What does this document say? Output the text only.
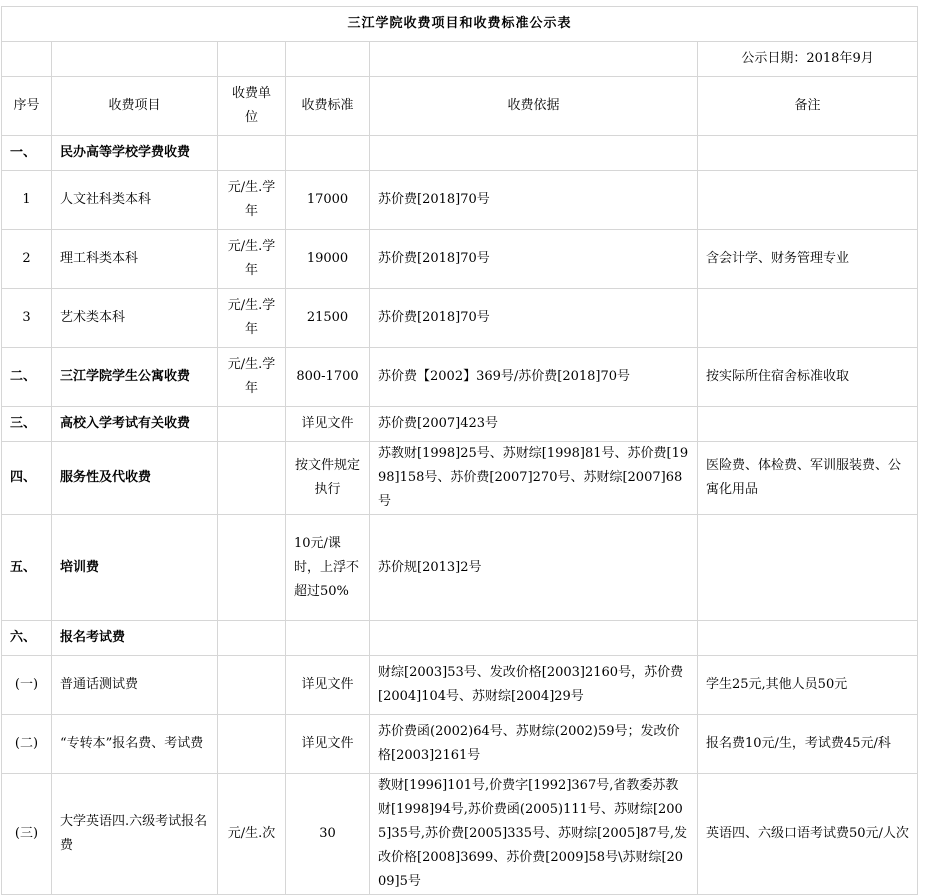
三江学院收费项目和收费标准公示表					
					公示日期：2018年9月
序号	收费项目	收费单位	收费标准	收费依据	备注
一、	民办高等学校学费收费				
1	人文社科类本科	元/生.学年	17000	苏价费[2018]70号	
2	理工科类本科	元/生.学年	19000	苏价费[2018]70号	含会计学、财务管理专业
3	艺术类本科	元/生.学年	21500	苏价费[2018]70号	
二、	三江学院学生公寓收费	元/生.学年	800-1700	苏价费【2002】369号/苏价费[2018]70号	按实际所住宿舍标准收取
三、	高校入学考试有关收费		详见文件	苏价费[2007]423号	
四、	服务性及代收费		按文件规定执行	苏教财[1998]25号、苏财综[1998]81号、苏价费[1998]158号、苏价费[2007]270号、苏财综[2007]68号	医险费、体检费、军训服装费、公寓化用品
五、	培训费		10元/课时，上浮不超过50%	苏价规[2013]2号	
六、	报名考试费				
(一)	普通话测试费		详见文件	财综[2003]53号、发改价格[2003]2160号，苏价费[2004]104号、苏财综[2004]29号	学生25元,其他人员50元
(二)	“专转本”报名费、考试费		详见文件	苏价费函(2002)64号、苏财综(2002)59号；发改价格[2003]2161号	报名费10元/生，考试费45元/科
(三)	大学英语四.六级考试报名费	元/生.次	30	教财[1996]101号,价费字[1992]367号,省教委苏教财[1998]94号,苏价费函(2005)111号、苏财综[2005]35号,苏价费[2005]335号、苏财综[2005]87号,发改价格[2008]3699、苏价费[2009]58号\苏财综[2009]5号	英语四、六级口语考试费50元/人次
